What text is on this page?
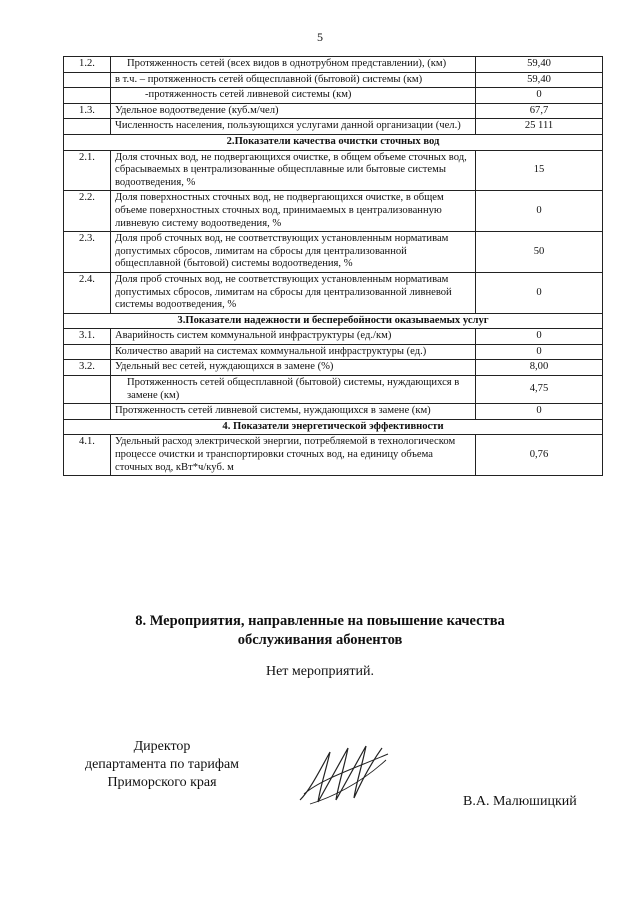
5
1.2.	Протяженность сетей (всех видов в однотрубном представлении), (км)	59,40
	в т.ч. – протяженность сетей общесплавной (бытовой) системы (км)	59,40
	-протяженность сетей ливневой системы (км)	0
1.3.	Удельное водоотведение (куб.м/чел)	67,7
	Численность населения, пользующихся услугами данной организации (чел.)	25 111
2.Показатели качества очистки сточных вод		
2.1.	Доля сточных вод, не подвергающихся очистке, в общем объеме сточных вод, сбрасываемых в централизованные общесплавные или бытовые системы водоотведения, %	15
2.2.	Доля поверхностных сточных вод, не подвергающихся очистке, в общем объеме поверхностных сточных вод, принимаемых в централизованную ливневую систему водоотведения, %	0
2.3.	Доля проб сточных вод, не соответствующих установленным нормативам допустимых сбросов, лимитам на сбросы для централизованной общесплавной (бытовой) системы водоотведения, %	50
2.4.	Доля проб сточных вод, не соответствующих установленным нормативам допустимых сбросов, лимитам на сбросы для централизованной ливневой системы водоотведения, %	0
3.Показатели надежности и бесперебойности оказываемых услуг		
3.1.	Аварийность систем коммунальной инфраструктуры (ед./км)	0
	Количество аварий на системах коммунальной инфраструктуры (ед.)	0
3.2.	Удельный вес сетей, нуждающихся в замене (%)	8,00
	Протяженность сетей общесплавной (бытовой) системы, нуждающихся в замене (км)	4,75
	Протяженность сетей ливневой системы, нуждающихся в замене (км)	0
4. Показатели энергетической эффективности		
4.1.	Удельный расход электрической энергии, потребляемой в технологическом процессе очистки и транспортировки сточных вод, на единицу объема сточных вод, кВт*ч/куб. м	0,76
8. Мероприятия, направленные на повышение качества
обслуживания абонентов
Нет мероприятий.
Директор
департамента по тарифам
Приморского края
В.А. Малюшицкий
